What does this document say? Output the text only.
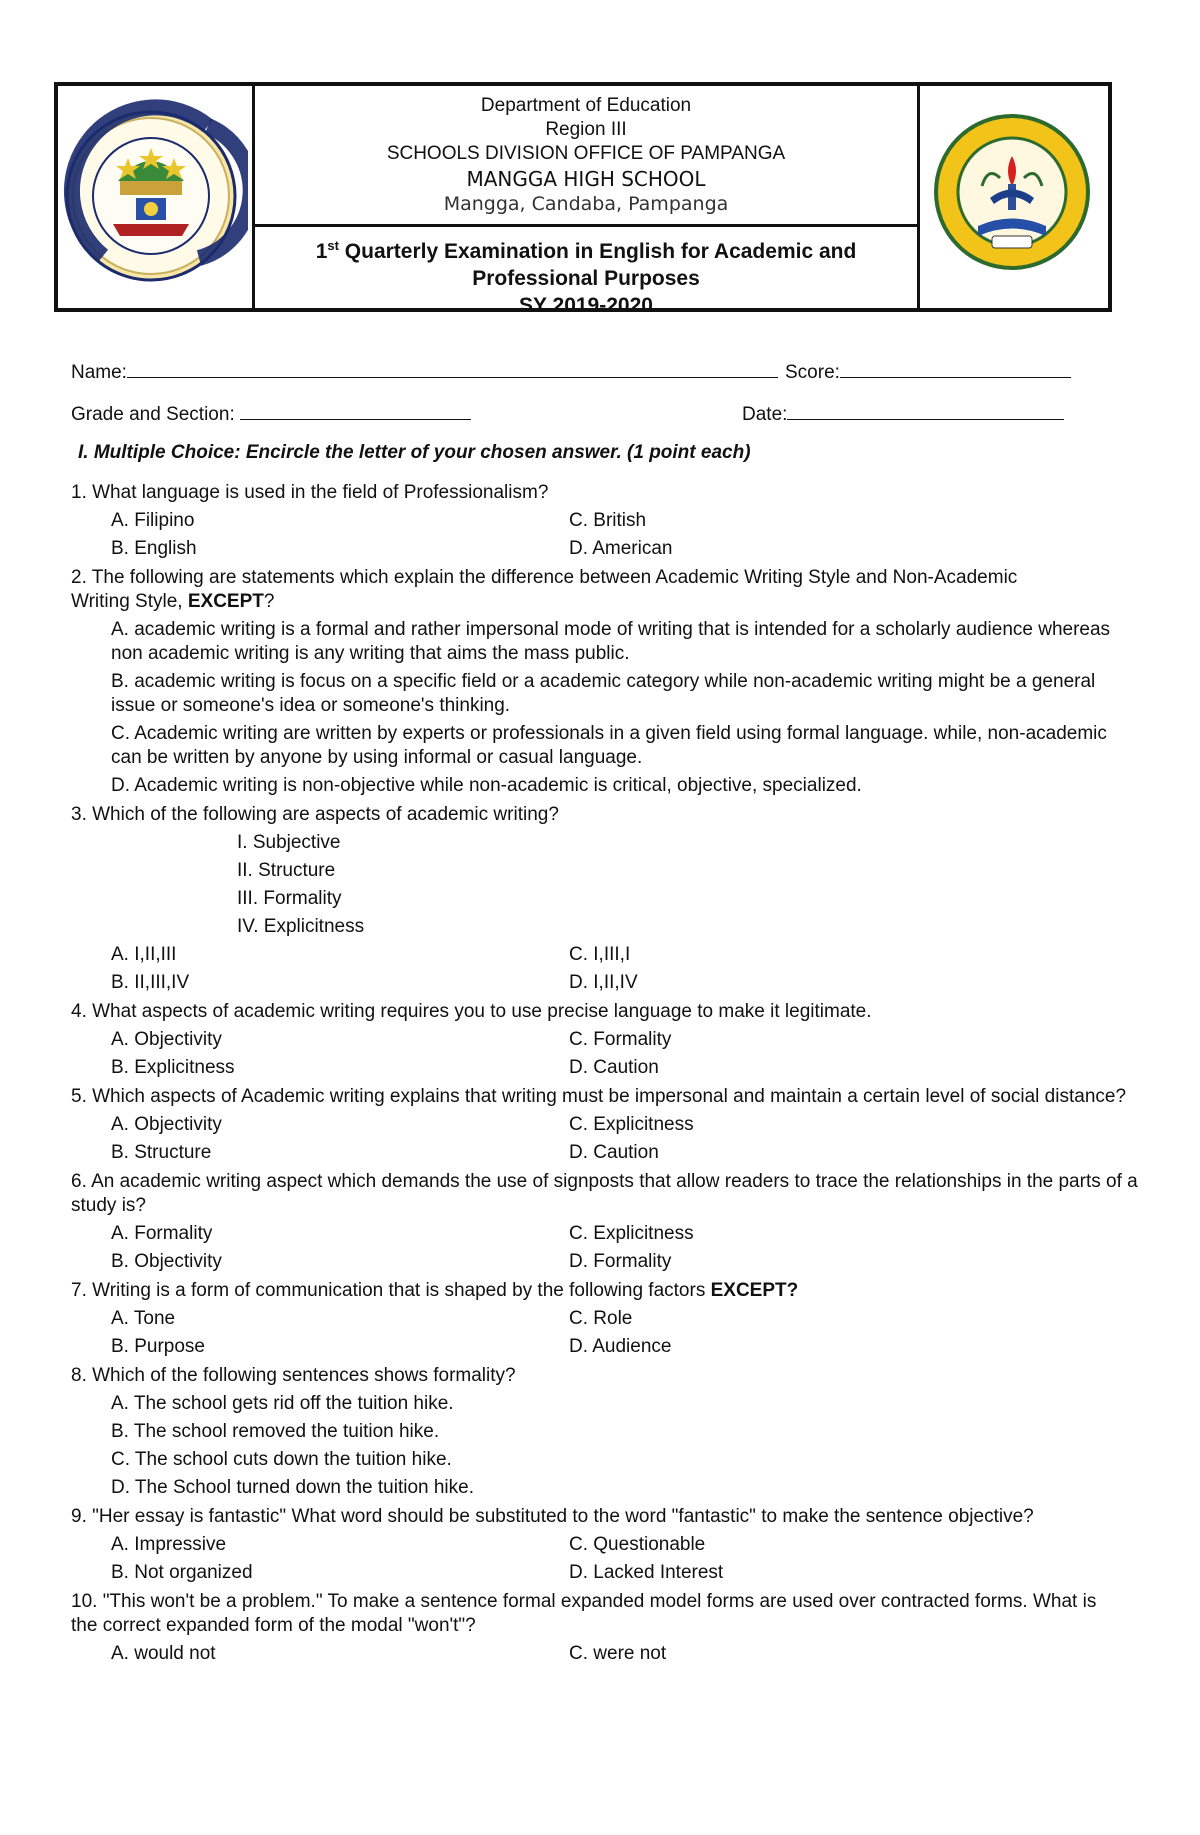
Department of Education
Region III
SCHOOLS DIVISION OFFICE OF PAMPANGA
MANGGA HIGH SCHOOL
Mangga, Candaba, Pampanga
1st Quarterly Examination in English for Academic and
Professional Purposes
SY 2019-2020
Name:	Score:
Grade and Section:	Date:
I. Multiple Choice: Encircle the letter of your chosen answer. (1 point each)
1. What language is used in the field of Professionalism?
A. Filipino	C. British
B. English	D. American
2. The following are statements which explain the difference between Academic Writing Style and Non-Academic Writing Style, EXCEPT?
A. academic writing is a formal and rather impersonal mode of writing that is intended for a scholarly audience whereas non academic writing is any writing that aims the mass public.
B. academic writing is focus on a specific field or a academic category while non-academic writing might be a general issue or someone's idea or someone's thinking.
C. Academic writing are written by experts or professionals in a given field using formal language. while, non-academic can be written by anyone by using informal or casual language.
D. Academic writing is non-objective while non-academic is critical, objective, specialized.
3. Which of the following are aspects of academic writing?
I. Subjective
II. Structure
III. Formality
IV. Explicitness
A. I,II,III	C. I,III,I
B. II,III,IV	D. I,II,IV
4. What aspects of academic writing requires you to use precise language to make it legitimate.
A. Objectivity	C. Formality
B. Explicitness	D. Caution
5. Which aspects of Academic writing explains that writing must be impersonal and maintain a certain level of social distance?
A. Objectivity	C. Explicitness
B. Structure	D. Caution
6. An academic writing aspect which demands the use of signposts that allow readers to trace the relationships in the parts of a study is?
A. Formality	C. Explicitness
B. Objectivity	D. Formality
7. Writing is a form of communication that is shaped by the following factors EXCEPT?
A. Tone	C. Role
B. Purpose	D. Audience
8. Which of the following sentences shows formality?
A. The school gets rid off the tuition hike.
B. The school removed the tuition hike.
C. The school cuts down the tuition hike.
D. The School turned down the tuition hike.
9. "Her essay is fantastic" What word should be substituted to the word "fantastic" to make the sentence objective?
A. Impressive	C. Questionable
B. Not organized	D. Lacked Interest
10. "This won't be a problem." To make a sentence formal expanded model forms are used over contracted forms. What is the correct expanded form of the modal "won't"?
A. would not	C. were not
